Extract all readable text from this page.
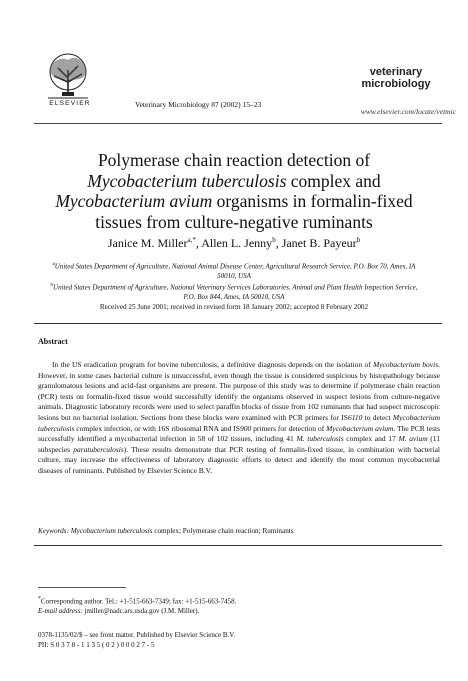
ELSEVIER	Veterinary Microbiology 87 (2002) 15–23
veterinary
microbiology
www.elsevier.com/locate/vetmic
Polymerase chain reaction detection of
Mycobacterium tuberculosis complex and
Mycobacterium avium organisms in formalin-fixed tissues from culture-negative ruminants
Janice M. Miller$^{a,*}$, Allen L. Jenny$^b$, Janet B. Payeur$^b$
$^a$United States Department of Agriculture, National Animal Disease Center, Agricultural Research Service, P.O. Box 70, Ames, IA 50010, USA
$^b$United States Department of Agriculture, National Veterinary Services Laboratories, Animal and Plant Health Inspection Service, P.O. Box 844, Ames, IA 50010, USA
Received 25 June 2001; received in revised form 18 January 2002; accepted 8 February 2002
Abstract
In the US eradication program for bovine tuberculosis, a definitive diagnosis depends on the isolation of Mycobacterium bovis. However, in some cases bacterial culture is unsuccessful, even though the tissue is considered suspicious by histopathology because granulomatous lesions and acid-fast organisms are present. The purpose of this study was to determine if polymerase chain reaction (PCR) tests on formalin-fixed tissue would successfully identify the organisms observed in suspect lesions from culture-negative animals. Diagnostic laboratory records were used to select paraffin blocks of tissue from 102 ruminants that had suspect microscopic lesions but no bacterial isolation. Sections from these blocks were examined with PCR primers for IS6110 to detect Mycobacterium tuberculosis complex infection, or with 16S ribosomal RNA and IS900 primers for detection of Mycobacterium avium. The PCR tests successfully identified a mycobacterial infection in 58 of 102 tissues, including 41 M. tuberculosis complex and 17 M. avium (11 subspecies paratuberculosis). These results demonstrate that PCR testing of formalin-fixed tissue, in combination with bacterial culture, may increase the effectiveness of laboratory diagnostic efforts to detect and identify the most common mycobacterial diseases of ruminants. Published by Elsevier Science B.V.
Keywords: Mycobacterium tuberculosis complex; Polymerase chain reaction; Ruminants
*Corresponding author. Tel.: +1-515-663-7349; fax: +1-515-663-7458.
E-mail address: jmiller@nadc.ars.usda.gov (J.M. Miller).
0378-1135/02/$ – see front matter. Published by Elsevier Science B.V.
PII: S 0 3 7 8 - 1 1 3 5 ( 0 2 ) 0 0 0 2 7 - 5
